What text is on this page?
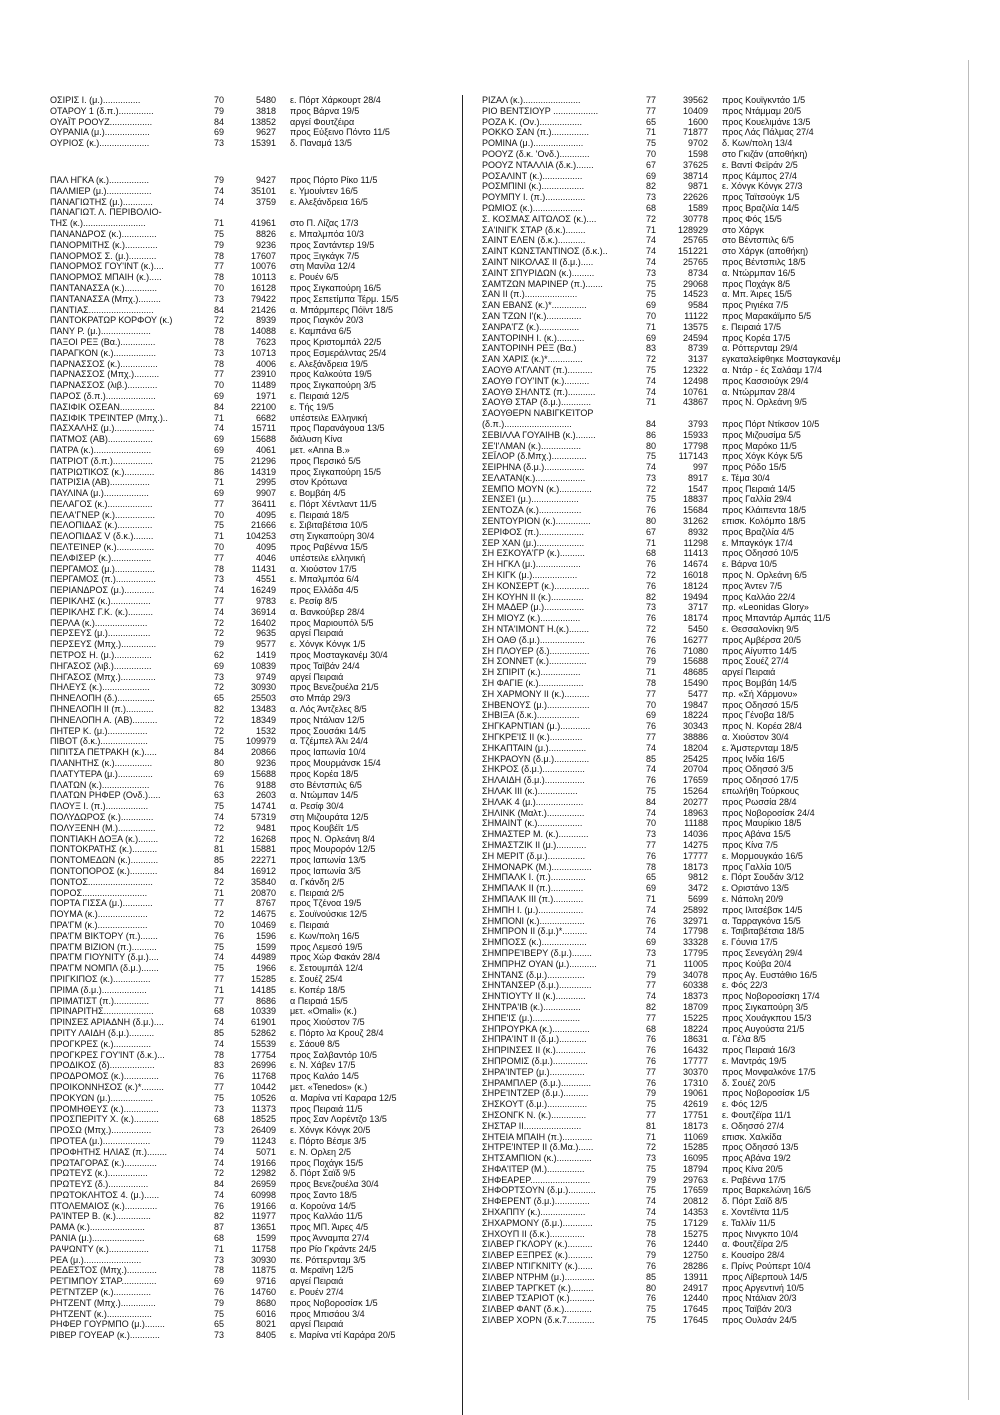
ΟΣΙΡΙΣ Ι. (μ.)...............	70	5480 ε. Πόρτ Χάρκουρτ 28/4
ΟΤΑΡΟΥ 1 (δ.π.)..............	79	3818 προς Βάρνα 19/5
ΟΥΑΪΤ ΡΟΟΥΖ.................	84	13852 αργεί Φουτζέιρα
ΟΥΡΑΝΙΑ (μ.)..................	69	9627 προς Εύξεινο Πόντο 11/5
ΟΥΡΙΟΣ (κ.)....................	73	15391 δ. Παναμά 13/5
ΠΑΛ ΗΓΚΑ (κ.)................	79	9427 προς Πόρτο Ρίκο 11/5
ΠΑΛΜΙΕΡ (μ.)..................	74	35101 ε. Υμουίντεν 16/5
ΠΑΝΑΓΙΩΤΗΣ (μ.)............	74	3759 ε. Αλεξάνδρεια 16/5
ΠΑΝΑΓΙΩΤ. Λ. ΠΕΡΙΒΟΛΙΟ-
ΤΗΣ (κ.).........................	71	41961 στο Π. Λίζας 17/3
ΠΑΝΑΝΔΡΟΣ (κ.)..............	75	8826 ε. Μπαλμπόα 10/3
ΠΑΝΟΡΜΙΤΗΣ (κ.).............	79	9236 προς Σαντάντερ 19/5
ΠΑΝΟΡΜΟΣ Σ. (μ.)...........	78	17607 προς Ξιγκάγκ 7/5
ΠΑΝΟΡΜΟΣ ΓΟΥ'ΙΝΤ (κ.)....	77	10076 στη Μανίλα 12/4
ΠΑΝΟΡΜΟΣ ΜΠΑΙΗ (κ.).....	78	10113 ε. Ρουέν 6/5
ΠΑΝΤΑΝΑΣΣΑ (κ.).............	70	16128 προς Σιγκαπούρη 16/5
ΠΑΝΤΑΝΑΣΣΑ (Μπχ.).........	73	79422 προς Σεπετίμπα Τέρμ. 15/5
ΠΑΝΤΙΑΣ..........................	84	21426 α. Μπάρμπερς Πόϊντ 18/5
ΠΑΝΤΟΚΡΑΤΩΡ ΚΟΡΦΟΥ (κ.)	72	8939 προς Γιαγκόν 20/3
ΠΑΝΥ Ρ. (μ.)....................	78	14088 ε. Καμπάνα 6/5
ΠΑΞΟΙ ΡΕΞ (Βα.)..............	78	7623 προς Κριστομπάλ 22/5
ΠΑΡΑΓΚΟΝ (κ.).................	73	10713 προς Εσμεράλντας 25/4
ΠΑΡΝΑΣΣΟΣ (κ.)...............	78	4006 ε. Αλεξάνδρεια 19/5
ΠΑΡΝΑΣΣΟΣ (Μπχ.)..........	77	23910 προς Καλκούτα 19/5
ΠΑΡΝΑΣΣΟΣ (λιβ.)............	70	11489 προς Σιγκαπούρη 3/5
ΠΑΡΟΣ (δ.π.)....................	69	1971 ε. Πειραιά 12/5
ΠΑΣΙΦΙΚ ΟΣΕΑΝ..............	84	22100 ε. Τής 19/5
ΠΑΣΙΦΙΚ ΤΡΕΊΝΤΕΡ (Μπχ.)..	71	6682 υπέστειλε Ελληνική
ΠΑΣΧΑΛΗΣ (μ.)................	74	15711 προς Παρανάγουα 13/5
ΠΑΤΜΟΣ (ΑΒ)..................	69	15688 διάλυση Κίνα
ΠΑΤΡΑ (κ.).......................	69	4061 μετ. «Anna B.»
ΠΑΤΡΙΟΤ (δ.π.)................	75	21296 προς Περσικό 5/5
ΠΑΤΡΙΩΤΙΚΟΣ (κ.)............	86	14319 προς Σιγκαπούρη 15/5
ΠΑΤΡΙΣΙΑ (ΑΒ)................	71	2995 στον Κρότωνα
ΠΑΥΛΙΝΑ (μ.)..................	69	9907 ε. Βομβάη 4/5
ΠΕΛΑΓΟΣ (κ.)..................	77	36411 ε. Πόρτ Χέντλαντ 11/5
ΠΕΛΑ'ΓΝΕΡ (κ.)................	70	4095 ε. Πειραιά 18/5
ΠΕΛΟΠΙΔΑΣ (κ.)..............	75	21666 ε. Σιβιταβέτσια 10/5
ΠΕΛΟΠΙΔΑΣ V (δ.κ.)........	71	104253 στη Σιγκαπούρη 30/4
ΠΕΛΤΕΊΝΕΡ (κ.)...............	70	4095 προς Ραβέννα 15/5
ΠΕΛΦΙΣΕΡ (κ.)................	77	4046 υπέστειλε ελληνική
ΠΕΡΓΑΜΟΣ (μ.)................	78	11431 α. Χιούστον 17/5
ΠΕΡΓΑΜΟΣ (π.)................	73	4551 ε. Μπαλμπόα 6/4
ΠΕΡΙΑΝΔΡΟΣ (μ.)............	74	16249 προς Ελλάδα 4/5
ΠΕΡΙΚΛΗΣ (κ.)................	77	9783 ε. Ρεσίφ 8/5
ΠΕΡΙΚΛΗΣ Γ.Κ. (κ.)..........	74	36914 α. Βανκούβερ 28/4
ΠΕΡΛΑ (κ.).....................	72	16402 προς Μαριουπόλ 5/5
ΠΕΡΣΕΥΣ (μ.).................	72	9635 αργεί Πειραιά
ΠΕΡΣΕΥΣ (Μπχ.)..............	79	9577 ε. Χόνγκ Κόνγκ 1/5
ΠΕΤΡΟΣ Η. (μ.)...............	62	1419 προς Μοσταγκανέμ 30/4
ΠΗΓΑΣΟΣ (λιβ.)...............	69	10839 προς Ταϊβάν 24/4
ΠΗΓΑΣΟΣ (Μπχ.)..............	73	9749 αργεί Πειραιά
ΠΗΛΕΥΣ (κ.)...................	72	30930 προς Βενεζουέλα 21/5
ΠΗΝΕΛΟΠΗ (δ.)...............	65	25503 στο Μπάρ 29/3
ΠΗΝΕΛΟΠΗ II (π.)...........	82	13483 α. Λός Άντζελες 8/5
ΠΗΝΕΛΟΠΗ Α. (ΑΒ)..........	72	18349 προς Ντάλιαν 12/5
ΠΗΤΕΡ Κ. (μ.)................	72	1532 προς Σουσάκι 14/5
ΠΙΒΟΤ (δ.κ.)...................	75	109979 α. Τζέμπελ Άλι 24/4
ΠΙΠΙΤΣΑ ΠΕΤΡΑΚΗ (κ.).....	84	20866 προς Ιαπωνία 10/4
ΠΛΑΝΗΤΗΣ (κ.)...............	80	9236 προς Μουρμάνσκ 15/4
ΠΛΑΤΥΤΕΡΑ (μ.)..............	69	15688 προς Κορέα 18/5
ΠΛΑΤΩΝ (κ.)...................	76	9188 στο Βέντσπιλς 6/5
ΠΛΑΤΩΝ ΡΗΦΕΡ (Ονδ.).....	63	2603 α. Ντώμπαν 14/5
ΠΛΟΥΞ Ι. (π.).................	75	14741 α. Ρεσίφ 30/4
ΠΟΛΥΔΩΡΟΣ (κ.).............	74	57319 στη Μιζουράτα 12/5
ΠΟΛΥΞΕΝΗ (Μ.)...............	72	9481 προς Κουβέϊτ 1/5
ΠΟΝΤΙΑΚΗ ΔΟΞΑ (κ.)........	72	16268 προς Ν. Ορλεάνη 8/4
ΠΟΝΤΟΚΡΑΤΗΣ (κ.)..........	81	15881 προς Μουρορόν 12/5
ΠΟΝΤΟΜΕΔΩΝ (κ.)...........	85	22271 προς Ιαπωνία 13/5
ΠΟΝΤΟΠΟΡΟΣ (κ.)...........	84	16912 προς Ιαπωνία 3/5
ΠΟΝΤΟΣ..........................	72	35840 α. Γκάνδη 2/5
ΠΟΡΟΣ..........................	71	20870 ε. Πειραιά 2/5
ΠΟΡΤΑ ΓΙΣΣΑ (μ.)............	77	8767 προς Τζένοα 19/5
ΠΟΥΜΑ (κ.)....................	72	14675 ε. Σουϊνούσκιε 12/5
ΠΡΑ'ΓΜ (κ.)....................	70	10469 ε. Πειραιά
ΠΡΑ'ΓΜ ΒΙΚΤΟΡΥ (π.).......	76	1596 ε. Κων/πολη 16/5
ΠΡΑ'ΓΜ ΒΙΖΙΟΝ (π.)..........	75	1599 προς Λεμεσό 19/5
ΠΡΑ'ΓΜ ΓΙΟΥΝΙΤΥ (δ.μ.)....	74	44989 προς Χώρ Φακάν 28/4
ΠΡΑ'ΓΜ ΝΟΜΠΛ (δ.μ.).......	75	1966 ε. Σετουμπάλ 12/4
ΠΡΙΓΚΙΠΟΣ (κ.)...............	77	15285 ε. Σουέζ 25/4
ΠΡΙΜΑ (δ.μ.)..................	71	14185 ε. Κοπέρ 18/5
ΠΡΙΜΑΤΙΣΤ (π.)..............	77	8686 α Πειραιά 15/5
ΠΡΙΝΑΡΙΤΗΣ....................	68	10339 μετ. «Omali» (κ.)
ΠΡΙΝΣΕΣ ΑΡΙΑΔΝΗ (δ.μ.)....	74	61901 προς Χιούστον 7/5
ΠΡΙΤΥ ΛΑΙΔΗ (δ.μ.)..........	85	52862 ε. Πόρτο λα Κρουζ 28/4
ΠΡΟΓΚΡΕΣ (κ.)...............	74	15539 ε. Σάουθ 8/5
ΠΡΟΓΚΡΕΣ ΓΟΥ'ΙΝΤ (δ.κ.)...	78	17754 προς Σαλβαντόρ 10/5
ΠΡΟΔΙΚΟΣ (δ)..................	83	26996 ε. Ν. Χάβεν 17/5
ΠΡΟΔΡΟΜΟΣ (κ.)..............	76	11768 προς Καλάο 14/5
ΠΡΟΙΚΟΝΝΗΣΟΣ (κ.)*.........	77	10442 μετ. «Tenedos» (κ.)
ΠΡΟΚΥΩΝ (μ.).................	75	10526 α. Μαρίνα ντί Καραρα 12/5
ΠΡΟΜΗΘΕΥΣ (κ.)..............	73	11373 προς Πειραιά 11/5
ΠΡΟΣΠΕΡΙΤΥ Χ. (κ.)..........	68	18525 προς Σαν Λορέντζο 13/5
ΠΡΟΣΩ (Μπχ.)................	73	26409 ε. Χόνγκ Κόνγκ 20/5
ΠΡΟΤΕΑ (μ.)...................	79	11243 ε. Πόρτο Βέσμε 3/5
ΠΡΟΦΗΤΗΣ ΗΛΙΑΣ (π.)........	74	5071 ε. Ν. Ορλεη 2/5
ΠΡΩΤΑΓΟΡΑΣ (κ.).............	74	19166 προς Ποχάγκ 15/5
ΠΡΩΤΕΥΣ (κ.)................	72	12982 δ. Πόρτ Σαϊδ 9/5
ΠΡΩΤΕΥΣ (δ.)................	84	26959 προς Βενεζουέλα 30/4
ΠΡΩΤΟΚΛΗΤΟΣ 4. (μ.)......	74	60998 προς Σαντο 18/5
ΠΤΟΛΕΜΑΙΟΣ (κ.).............	76	19166 α. Κορούνα 14/5
ΡΑ'ΙΝΤΕΡ Β. (κ.)..............	82	11977 προς Καλλάο 11/5
ΡΑΜΑ (κ.)......................	87	13651 προς ΜΠ. Άιρες 4/5
ΡΑΝΙΑ (μ.).....................	68	1599 προς Άνναμπα 27/4
ΡΑΨΩΝΤΥ (κ.)................	71	11758 προ Ρίο Γκράντε 24/5
ΡΕΑ (μ.).......................	73	30930 πε. Ρόττερνταμ 3/5
ΡΕΔΕΣΤΟΣ (Μπχ.)............	78	11875 α. Μεραϊνη 12/5
ΡΕ'ΓΙΜΠΟΥ ΣΤΑΡ..............	69	9716 αργεί Πειραιά
ΡΕ'ΓΝΤΖΕΡ (κ.)...............	76	14760 ε. Ρουέν 27/4
ΡΗΤΖΕΝΤ (Μπχ.)..............	79	8680 προς Νοβοροσίσκ 1/5
ΡΗΤΖΕΝΤ (κ.)..................	75	6016 προς Μπισάου 3/4
ΡΗΦΕΡ ΓΟΥΡΜΠΟ (μ.)........	65	8021 αργεί Πειραιά
ΡΙΒΕΡ ΓΟΥΕΑΡ (κ.)............	73	8405 ε. Μαρίνα ντί Καράρα 20/5
ΡΙΖΑΛ (κ.).......................	77	39562 προς Κουϊγκντάο 1/5
ΡΙΟ ΒΕΝΤΣΙΟΥΡ ..................	77	10409 προς Ντάμμαμ 20/5
ΡΟΖΑ Κ. (Ον.).................	65	1600 προς Κουελιμάνε 13/5
ΡΟΚΚΟ ΣΑΝ (π.)...............	71	71877 προς Λάς Πάλμας 27/4
ΡΟΜΙΝΑ (μ.)....................	75	9702 δ. Κων/πολη 13/4
ΡΟΟΥΖ (δ.κ. 'Ονδ.)............	70	1598 στο Γκιζάν (αποθήκη)
ΡΟΟΥΖ ΝΤΑΛΛΙΑ (δ.κ.).......	67	37625 ε. Βαντί Φεϊράν 2/5
ΡΟΣΑΛΙΝΤ (κ.)................	69	38714 προς Κάμπος 27/4
ΡΟΣΜΠΙΝΙ (κ.).................	82	9871 ε. Χόνγκ Κόνγκ 27/3
ΡΟΥΜΠΥ Ι. (π.)................	73	22626 προς Ταϊτσούγκ 1/5
ΡΩΜΙΟΣ (κ.)....................	68	1589 προς Βραζιλία 14/5
Σ. ΚΟΣΜΑΣ ΑΙΤΩΛΟΣ (κ.)....	72	30778 προς Φός 15/5
ΣΑ'ΙΝΙΓΚ ΣΤΑΡ (δ.κ.)........	71	128929 στο Χάργκ
ΣΑΙΝΤ ΕΛΕΝ (δ.κ.)...........	74	25765 στο Βέντσπιλς 6/5
ΣΑΙΝΤ ΚΩΝΣΤΑΝΤΙΝΟΣ (δ.κ.)..	74	151221 στο Χάργκ (αποθήκη)
ΣΑΙΝΤ ΝΙΚΟΛΑΣ II (δ.μ.).....	74	25765 προς Βέντσπιλς 18/5
ΣΑΙΝΤ ΣΠΥΡΙΔΩΝ (κ.).........	73	8734 α. Ντώρμπαν 16/5
ΣΑΜΤΖΩΝ ΜΑΡΙΝΕΡ (π.).......	75	29068 προς Ποχάγκ 8/5
ΣΑΝ II (π.).....................	75	14523 α. Μπ. Άιρες 15/5
ΣΑΝ ΕΒΑΝΣ (κ.)*..............	69	9584 προς Ριγιέκα 7/5
ΣΑΝ ΤΖΩΝ Ι'(κ.)..............	70	11122 προς Μαρακάϊμπο 5/5
ΣΑΝΡΑ'ΓΖ (κ.)................	71	13575 ε. Πειραιά 17/5
ΣΑΝΤΟΡΙΝΗ Ι. (κ.)...........	69	24594 προς Κορέα 17/5
ΣΑΝΤΟΡΙΝΗ ΡΕΞ (Βα.)	83	8739 α. Ρόττερνταμ 29/4
ΣΑΝ ΧΑΡΙΣ (κ.)*..............	72	3137 εγκαταλείφθηκε Μοσταγκανέμ
ΣΑΟΥΘ Α'ΓΛΑΝΤ (π.)..........	75	12322 α. Ντάρ - ές Σαλάαμ 17/4
ΣΑΟΥΘ ΓΟΥ'ΙΝΤ (κ.)..........	74	12498 προς Κασσιούγκ 29/4
ΣΑΟΥΘ ΣΗΛΝΤΣ (π.)...........	74	10761 α. Ντώρμπαν 28/4
ΣΑΟΥΘ ΣΤΑΡ (δ.μ.)............	71	43867 προς Ν. Ορλεάνη 9/5
ΣΑΟΥΘΕΡΝ ΝΑΒΙΓΚΕΊΤΟΡ
(δ.π.)...........................	84	3793 προς Πόρτ Ντίκσον 10/5
ΣΕΒΙΛΛΑ ΓΟΥΑΙΗΒ (κ.)........	86	15933 προς Μιζουσίμα 5/5
ΣΕ'Ι'ΛΜΑΝ (κ.)................	80	17798 προς Μαρόκο 11/5
ΣΕΪΛΟΡ (δ.Μπχ.)..............	75	117143 προς Χόγκ Κόγκ 5/5
ΣΕΙΡΗΝΑ (δ.μ.)................	74	997 προς Ρόδο 15/5
ΣΕΛΑΤΑΝ(κ.)....................	73	8917 ε. Τέμα 30/4
ΣΕΜΠΟ ΜΟΥΝ (κ.).............	72	1547 προς Πειραιά 14/5
ΣΕΝΣΕΊ (μ.)...................	75	18837 προς Γαλλία 29/4
ΣΕΝΤΟΖΑ (κ.).................	76	15684 προς Κλάιπεντα 18/5
ΣΕΝΤΟΥΡΙΟΝ (κ.)..............	80	31262 επισκ. Κολόμπο 18/5
ΣΕΡΙΦΟΣ (π.)..................	67	8932 προς Βραζιλία 4/5
ΣΕΡ ΧΑΝ (μ.)...................	71	11298 ε. Μπαγκόγκ 17/4
ΣΗ ΕΣΚΟΥΑ'ΓΡ (κ.)..........	68	11413 προς Οδησσό 10/5
ΣΗ ΗΓΚΛ (μ.)..................	76	14674 ε. Βάρνα 10/5
ΣΗ ΚΙΓΚ (μ.)..................	72	16018 προς Ν. Ορλεάνη 6/5
ΣΗ ΚΟΝΣΕΡΤ (κ.)..............	76	18124 προς Άντεν 7/5
ΣΗ ΚΟΥΗΝ II (κ.).............	82	19494 προς Καλλάο 22/4
ΣΗ ΜΑΔΕΡ (μ.)................	73	3717 πρ. «Leonidas Glory»
ΣΗ ΜΙΟΥΖ (κ.)................	76	18174 προς Μπαντάρ Αμπάς 11/5
ΣΗ ΝΤΑ'ΙΜΟΝΤ Η.(κ.)........	72	5450 ε. Θεσσαλονίκη 9/5
ΣΗ ΟΑΘ (δ.μ.)..................	76	16277 προς Αμβέρσα 20/5
ΣΗ ΠΛΟΥΕΡ (δ.)................	76	71080 προς Αίγυπτο 14/5
ΣΗ ΣΟΝΝΕΤ (κ.)...............	79	15688 προς Σουέζ 27/4
ΣΗ ΣΠΙΡΙΤ (κ.)................	71	48685 αργεί Πειραιά
ΣΗ ΦΑΓΙΕ (κ.)..................	78	15490 προς Βομβάη 14/5
ΣΗ ΧΑΡΜΟΝΥ II (κ.)..........	77	5477 πρ. «Σή Χάρμονυ»
ΣΗΒΕΝΟΥΣ (μ.).................	70	19847 προς Οδησσό 15/5
ΣΗΒΙΞΑ (δ.κ.).................	69	18224 προς Γένοβα 18/5
ΣΗΓΚΑΡΝΤΙΑΝ (μ.)............	76	30343 προς Ν. Κορέα 28/4
ΣΗΓΚΡΕ'ΙΣ II (κ.).............	77	38886 α. Χιούστον 30/4
ΣΗΚΑΠΤΑΙΝ (μ.)...............	74	18204 ε. Άμστερνταμ 18/5
ΣΗΚΡΑΟΥΝ (δ.μ.)..............	85	25425 προς Ινδία 16/5
ΣΗΚΡΟΣ (δ.μ.).................	74	20704 προς Οδησσό 3/5
ΣΗΛΑΙΔΗ (δ.μ.)................	76	17659 προς Οδησσό 17/5
ΣΗΛΑΚ III (κ.)................	75	15264 επωλήθη Τούρκους
ΣΗΛΑΚ 4 (μ.)...................	84	20277 προς Ρωσσία 28/4
ΣΗΛΙΝΚ (Μαλτ.)...............	74	18963 προς Νοβοροσίσκ 24/4
ΣΗΜΑΙΝΤ (κ.)..................	70	11188 προς Μαυρίκιο 18/5
ΣΗΜΑΣΤΕΡ Μ. (κ.)............	73	14036 προς Αβάνα 15/5
ΣΗΜΑΣΤΖΙΚ II (μ.)............	77	14275 προς Κίνα 7/5
ΣΗ ΜΕΡΙΤ (δ.μ.)...............	76	17777 ε. Μορμουγκάο 16/5
ΣΗΜΟΝΑΡΚ (Μ.)................	78	18173 προς Γαλλία 10/5
ΣΗΜΠΑΛΚ Ι. (π.)..............	65	9812 ε. Πόρτ Σουδάν 3/12
ΣΗΜΠΑΛΚ ΙΙ (π.).............	69	3472 ε. Οριστάνο 13/5
ΣΗΜΠΑΛΚ ΙΙΙ (π.)............	71	5699 ε. Νάπολη 20/9
ΣΗΜΠΗ Ι. (μ.)..................	74	25892 προς Ιλιτσέβσκ 14/5
ΣΗΜΠΟΝΙ (κ.)..................	76	32971 α. Ταρραγκόνα 15/5
ΣΗΜΠΡΟΝ II (δ.μ.)*..........	74	17798 ε. Τσιβιταβέτσια 18/5
ΣΗΜΠΟΣΣ (κ.)..................	69	33328 ε. Γόυνια 17/5
ΣΗΜΠΡΕ'ΙΒΕΡΥ (δ.μ.)........	73	17795 προς Σενεγάλη 29/4
ΣΗΜΠΡΗΖ ΟΥΑΝ (μ.)...........	71	11005 προς Κούβα 20/4
ΣΗΝΤΑΝΣ (δ.μ.)...............	79	34078 προς Αγ. Ευστάθιο 16/5
ΣΗΝΤΑΝΣΕΡ (δ.μ.).............	77	60338 ε. Φός 22/3
ΣΗΝΤΙΟΥΤΥ II (κ.)............	74	18373 προς Νοβοροσίσκη 17/4
ΣΗΝΤΡΑ'ΙΒ (κ.)...............	82	18709 προς Σιγκαπούρη 3/5
ΣΗΠΕ'ΙΣ (μ.)...................	77	15225 προς Χουάγκπου 15/3
ΣΗΠΡΟΥΡΚΑ (κ.)...............	68	18224 προς Αυγούστα 21/5
ΣΗΠΡΑ'ΙΝΤ II (δ.μ.)...........	76	18631 α. Γέλα 8/5
ΣΗΠΡΙΝΣΕΣ ΙΙ (κ.)............	76	16432 προς Πειραιά 16/3
ΣΗΠΡΟΜΙΣ (δ.μ.)..............	76	17777 ε. Μαντράς 19/5
ΣΗΡΑ'ΙΝΤΕΡ (μ.)..............	77	30370 προς Μονφαλκόνε 17/5
ΣΗΡΑΜΠΛΕΡ (δ.μ.)............	76	17310 δ. Σουέζ 20/5
ΣΗΡΕ'ΙΝΤΖΕΡ (δ.μ.)..........	79	19061 προς Νοβοροσίσκ 1/5
ΣΗΣΚΟΥΤ (δ.μ.)................	75	42619 ε. Φός 12/5
ΣΗΣΟΝΓΚ Ν. (κ.)..............	77	17751 ε. Φουτζέϊρα 11/1
ΣΗΣΤΑΡ ΙΙ.......................	81	18173 ε. Οδησσό 27/4
ΣΗΤΕΙΑ ΜΠΑΙΗ (π.)............	71	11069 επισκ. Χαλκίδα
ΣΗΤΡΕ'ΙΝΤΕΡ II (δ.Μα.)......	72	15285 προς Οδησσό 13/5
ΣΗΤΣΑΜΠΙΟΝ (κ.)..............	73	16095 προς Αβάνα 19/2
ΣΗΦΑ'ΙΤΕΡ (Μ.)...............	75	18794 προς Κίνα 20/5
ΣΗΦΕΑΡΕΡ........................	79	29763 ε. Ραβέννα 17/5
ΣΗΦΟΡΤΣΟΥΝ (δ.μ.)...........	75	17659 προς Βαρκελώνη 16/5
ΣΗΦΕΡΕΝΤ (δ.μ.)..............	74	20812 δ. Πόρτ Σαϊδ 8/5
ΣΗΧΑΠΠΥ (κ.)..................	74	14353 ε. Χοντέϊντα 11/5
ΣΗΧΑΡΜΟΝΥ (δ.μ.)............	75	17129 ε. Ταλλίν 11/5
ΣΗΧΟΥΠ ΙΙ (δ.κ.)..............	78	15275 προς Νινγκπο 10/4
ΣΙΛΒΕΡ ΓΚΛΟΡΥ (κ.)..........	76	12440 α. Φουτζέϊρα 2/5
ΣΙΛΒΕΡ ΕΞΠΡΕΣ (κ.)..........	79	12750 ε. Κουσίρο 28/4
ΣΙΛΒΕΡ ΝΤΙΓΚΝΙΤΥ (κ.)......	76	28286 ε. Πρίνς Ρούπερτ 10/4
ΣΙΛΒΕΡ ΝΤΡΗΜ (μ.)............	85	13911 προς Λίβερπουλ 14/5
ΣΙΛΒΕΡ ΤΑΡΓΚΕΤ (κ.).........	80	24917 προς Αργεντινή 10/5
ΣΙΛΒΕΡ ΤΣΑΡΙΟΤ (κ.)..........	76	12440 προς Ντάλιαν 20/3
ΣΙΛΒΕΡ ΦΑΝΤ (δ.κ.)...........	75	17645 προς Ταϊβάν 20/3
ΣΙΛΒΕΡ ΧΟΡΝ (δ.κ.7...........	75	17645 προς Ουλσάν 24/5
